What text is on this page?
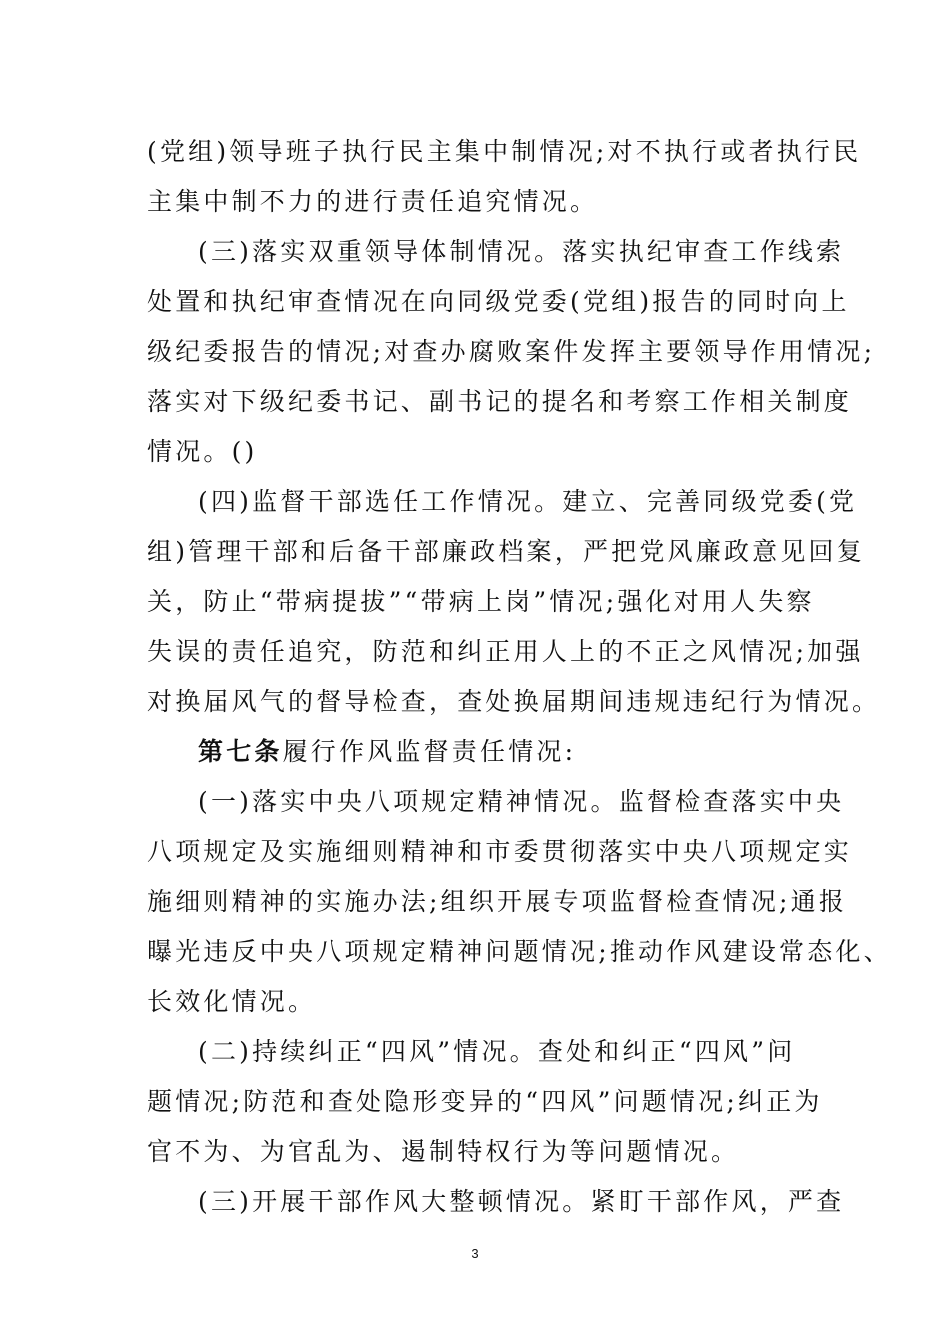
(党组)领导班子执行民主集中制情况;对不执行或者执行民
主集中制不力的进行责任追究情况。
(三)落实双重领导体制情况。落实执纪审查工作线索
处置和执纪审查情况在向同级党委(党组)报告的同时向上
级纪委报告的情况;对查办腐败案件发挥主要领导作用情况;
落实对下级纪委书记、副书记的提名和考察工作相关制度
情况。()
(四)监督干部选任工作情况。建立、完善同级党委(党
组)管理干部和后备干部廉政档案，严把党风廉政意见回复
关，防止“带病提拔”“带病上岗”情况;强化对用人失察
失误的责任追究，防范和纠正用人上的不正之风情况;加强
对换届风气的督导检查，查处换届期间违规违纪行为情况。
第七条履行作风监督责任情况:
(一)落实中央八项规定精神情况。监督检查落实中央
八项规定及实施细则精神和市委贯彻落实中央八项规定实
施细则精神的实施办法;组织开展专项监督检查情况;通报
曝光违反中央八项规定精神问题情况;推动作风建设常态化、
长效化情况。
(二)持续纠正“四风”情况。查处和纠正“四风”问
题情况;防范和查处隐形变异的“四风”问题情况;纠正为
官不为、为官乱为、遏制特权行为等问题情况。
(三)开展干部作风大整顿情况。紧盯干部作风，严查
3
